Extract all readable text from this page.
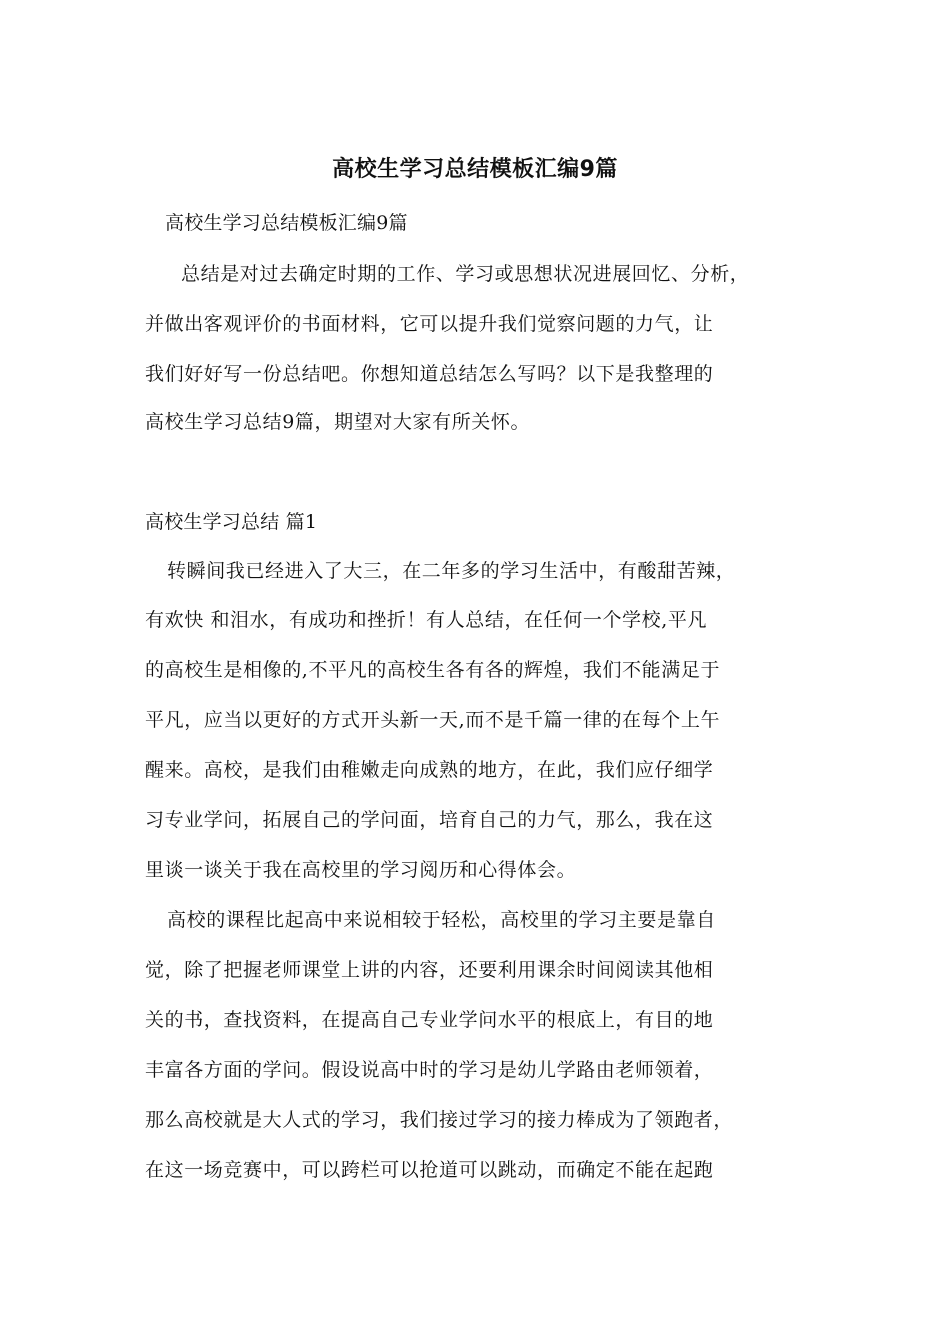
高校生学习总结模板汇编9篇
高校生学习总结模板汇编9篇
总结是对过去确定时期的工作、学习或思想状况进展回忆、分析，
并做出客观评价的书面材料，它可以提升我们觉察问题的力气，让
我们好好写一份总结吧。你想知道总结怎么写吗？以下是我整理的
高校生学习总结9篇，期望对大家有所关怀。
高校生学习总结 篇1
转瞬间我已经进入了大三，在二年多的学习生活中，有酸甜苦辣，
有欢快 和泪水，有成功和挫折！有人总结，在任何一个学校,平凡
的高校生是相像的,不平凡的高校生各有各的辉煌，我们不能满足于
平凡，应当以更好的方式开头新一天,而不是千篇一律的在每个上午
醒来。高校，是我们由稚嫩走向成熟的地方，在此，我们应仔细学
习专业学问，拓展自己的学问面，培育自己的力气，那么，我在这
里谈一谈关于我在高校里的学习阅历和心得体会。
高校的课程比起高中来说相较于轻松，高校里的学习主要是靠自
觉，除了把握老师课堂上讲的内容，还要利用课余时间阅读其他相
关的书，查找资料，在提高自己专业学问水平的根底上，有目的地
丰富各方面的学问。假设说高中时的学习是幼儿学路由老师领着，
那么高校就是大人式的学习，我们接过学习的接力棒成为了领跑者，
在这一场竞赛中，可以跨栏可以抢道可以跳动，而确定不能在起跑
